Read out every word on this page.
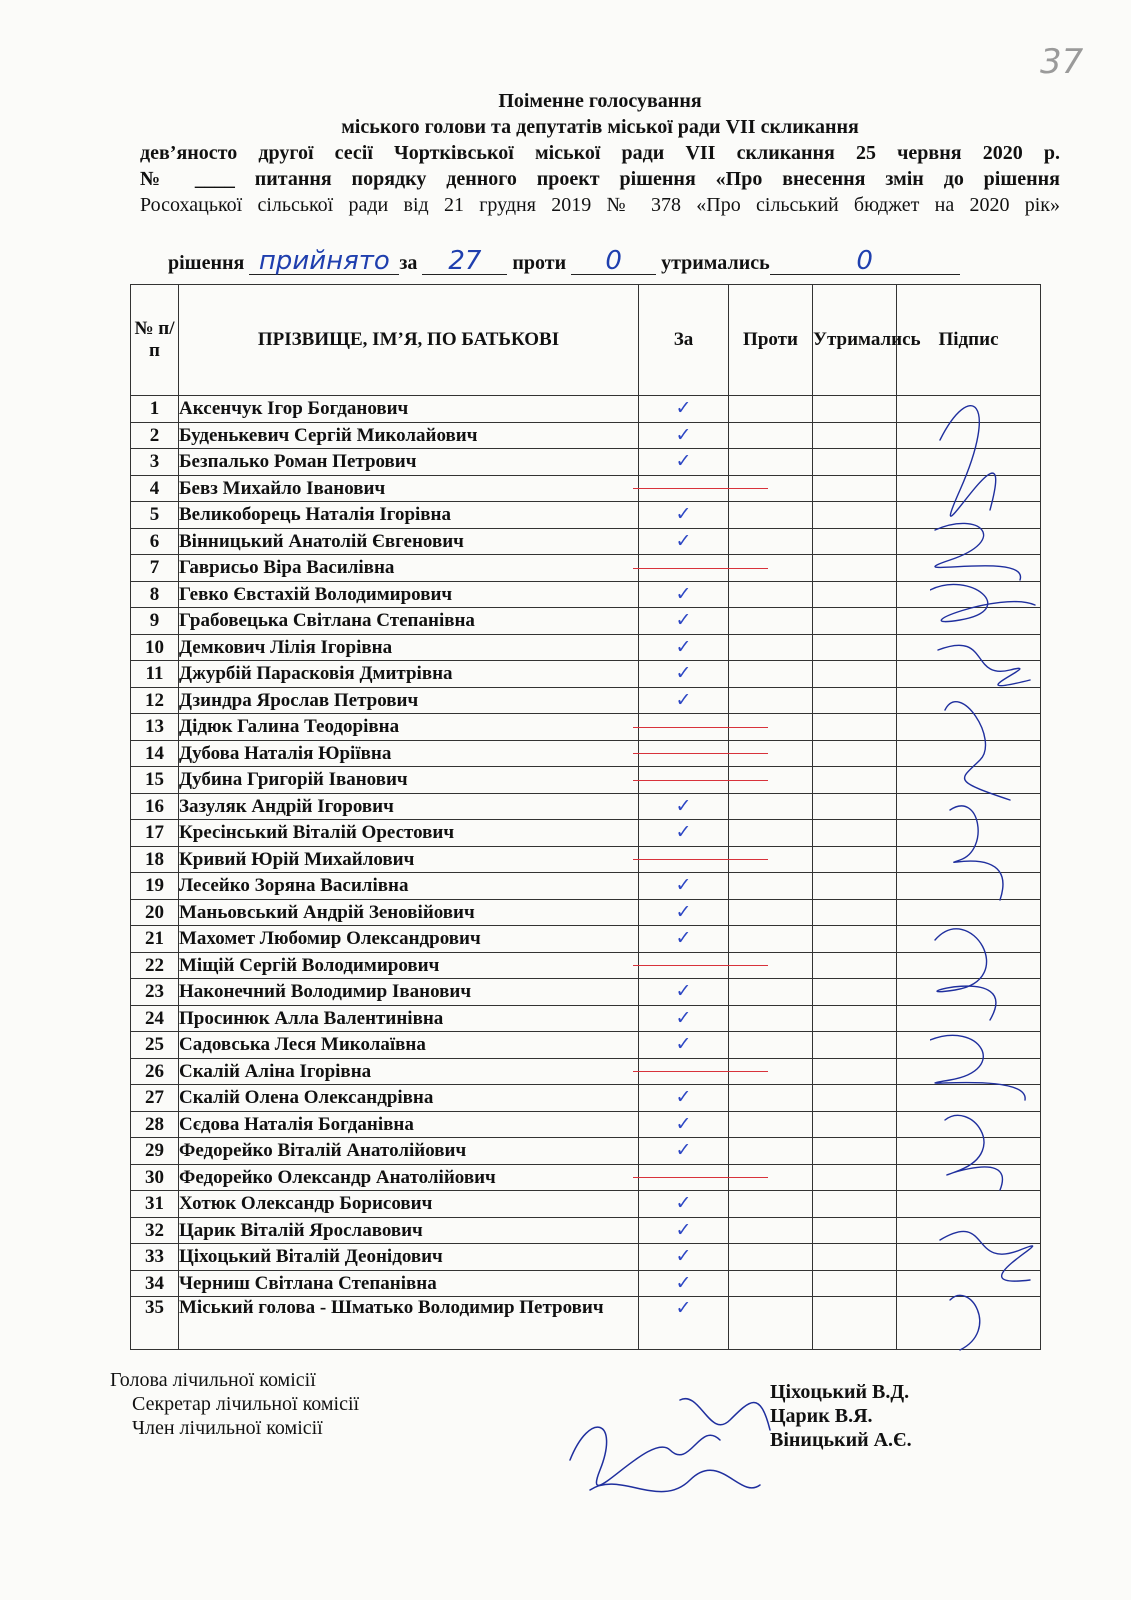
37
Поіменне голосування
міського голови та депутатів міської ради VII скликання
дев’яносто другої сесії Чортківської міської ради VII скликання 25 червня 2020 р.
№ ____ питання порядку денного проект рішення «Про внесення змін до рішення
Росохацької сільської ради від 21 грудня 2019 № 378 «Про сільський бюджет на 2020 рік»
рішення прийнято за 27 проти 0 утримались	0
№ п/п	ПРІЗВИЩЕ, ІМ’Я, ПО БАТЬКОВІ	За	Проти	Утримались	Підпис
1	Аксенчук Ігор Богданович	✓			
2	Буденькевич Сергій Миколайович	✓			
3	Безпалько Роман Петрович	✓			
4	Бевз Михайло Іванович				
5	Великоборець Наталія Ігорівна	✓			
6	Вінницький Анатолій Євгенович	✓			
7	Гаврисьо Віра Василівна				
8	Гевко Євстахій Володимирович	✓			
9	Грабовецька Світлана Степанівна	✓			
10	Демкович Лілія Ігорівна	✓			
11	Джурбій Парасковія Дмитрівна	✓			
12	Дзиндра Ярослав Петрович	✓			
13	Дідюк Галина Теодорівна				
14	Дубова Наталія Юріївна				
15	Дубина Григорій Іванович				
16	Зазуляк Андрій Ігорович	✓			
17	Кресінський Віталій Орестович	✓			
18	Кривий Юрій Михайлович				
19	Лесейко Зоряна Василівна	✓			
20	Маньовський Андрій Зеновійович	✓			
21	Махомет Любомир Олександрович	✓			
22	Міщій Сергій Володимирович				
23	Наконечний Володимир Іванович	✓			
24	Просинюк Алла Валентинівна	✓			
25	Садовська Леся Миколаївна	✓			
26	Скалій Аліна Ігорівна				
27	Скалій Олена Олександрівна	✓			
28	Сєдова Наталія Богданівна	✓			
29	Федорейко Віталій Анатолійович	✓			
30	Федорейко Олександр Анатолійович				
31	Хотюк Олександр Борисович	✓			
32	Царик Віталій Ярославович	✓			
33	Ціхоцький Віталій Деонідович	✓			
34	Черниш Світлана Степанівна	✓			
35	Міський голова - Шматько Володимир Петрович	✓			
Голова лічильної комісії
Секретар лічильної комісії
Член лічильної комісії
Ціхоцький В.Д.
Царик В.Я.
Віницький А.Є.
